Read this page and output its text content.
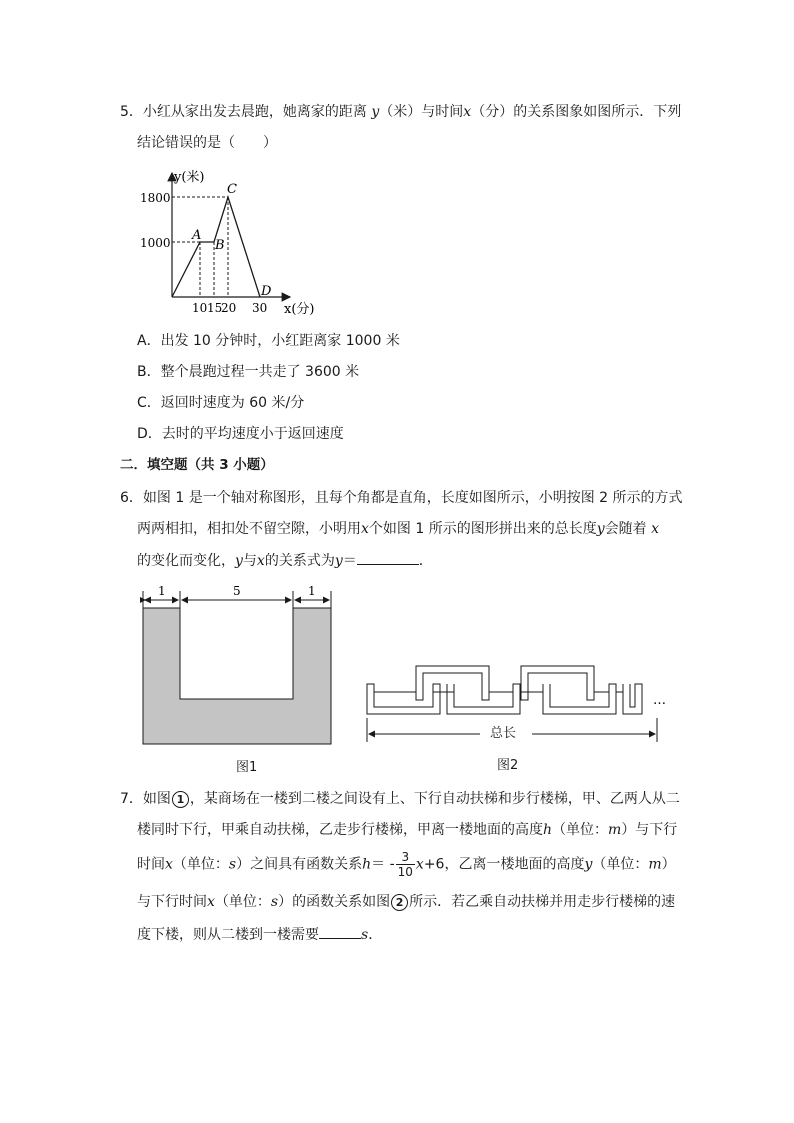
5．小红从家出发去晨跑，她离家的距离 y（米）与时间x（分）的关系图象如图所示．下列
结论错误的是（　　）
y(米)
x(分)
1800
1000
10 15
20 30
A
B
C
D
A．出发 10 分钟时，小红距离家 1000 米
B．整个晨跑过程一共走了 3600 米
C．返回时速度为 60 米/分
D．去时的平均速度小于返回速度
二．填空题（共 3 小题）
6．如图 1 是一个轴对称图形，且每个角都是直角，长度如图所示，小明按图 2 所示的方式
两两相扣，相扣处不留空隙，小明用x个如图 1 所示的图形拼出来的总长度y会随着 x
的变化而变化，y与x的关系式为y＝	．
1	5	1
图1
…
总长
图2
7．如图 1 ，某商场在一楼到二楼之间设有上、下行自动扶梯和步行楼梯，甲、乙两人从二
楼同时下行，甲乘自动扶梯，乙走步行楼梯，甲离一楼地面的高度h（单位：m）与下行
时间x（单位：s）之间具有函数关系$h= - \frac{3}{10} x+6$，乙离一楼地面的高度y（单位：m）
与下行时间x（单位：s）的函数关系如图 2 所示．若乙乘自动扶梯并用走步行楼梯的速
度下楼，则从二楼到一楼需要	s．
